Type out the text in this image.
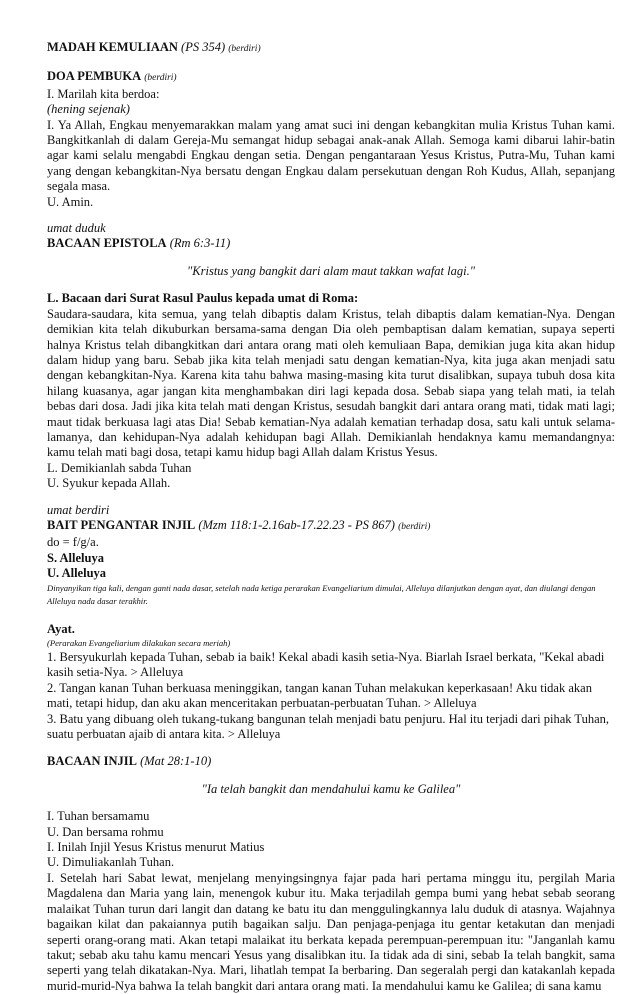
MADAH KEMULIAAN (PS 354) (berdiri)
DOA PEMBUKA (berdiri)
I. Marilah kita berdoa:
(hening sejenak)

I. Ya Allah, Engkau menyemarakkan malam yang amat suci ini dengan kebangkitan mulia Kristus Tuhan kami. Bangkitkanlah di dalam Gereja-Mu semangat hidup sebagai anak-anak Allah. Semoga kami dibarui lahir-batin agar kami selalu mengabdi Engkau dengan setia. Dengan pengantaraan Yesus Kristus, Putra-Mu, Tuhan kami yang dengan kebangkitan-Nya bersatu dengan Engkau dalam persekutuan dengan Roh Kudus, Allah, sepanjang segala masa.

U. Amin.
umat duduk
BACAAN EPISTOLA (Rm 6:3-11)
"Kristus yang bangkit dari alam maut takkan wafat lagi."
L. Bacaan dari Surat Rasul Paulus kepada umat di Roma:

Saudara-saudara, kita semua, yang telah dibaptis dalam Kristus, telah dibaptis dalam kematian-Nya. Dengan demikian kita telah dikuburkan bersama-sama dengan Dia oleh pembaptisan dalam kematian, supaya seperti halnya Kristus telah dibangkitkan dari antara orang mati oleh kemuliaan Bapa, demikian juga kita akan hidup dalam hidup yang baru. Sebab jika kita telah menjadi satu dengan kematian-Nya, kita juga akan menjadi satu dengan kebangkitan-Nya. Karena kita tahu bahwa masing-masing kita turut disalibkan, supaya tubuh dosa kita hilang kuasanya, agar jangan kita menghambakan diri lagi kepada dosa. Sebab siapa yang telah mati, ia telah bebas dari dosa. Jadi jika kita telah mati dengan Kristus, sesudah bangkit dari antara orang mati, tidak mati lagi; maut tidak berkuasa lagi atas Dia! Sebab kematian-Nya adalah kematian terhadap dosa, satu kali untuk selama-lamanya, dan kehidupan-Nya adalah kehidupan bagi Allah. Demikianlah hendaknya kamu memandangnya: kamu telah mati bagi dosa, tetapi kamu hidup bagi Allah dalam Kristus Yesus.

L. Demikianlah sabda Tuhan
U. Syukur kepada Allah.
umat berdiri
BAIT PENGANTAR INJIL (Mzm 118:1-2.16ab-17.22.23 - PS 867) (berdiri)
do = f/g/a.
S. Alleluya
U. Alleluya

Dinyanyikan tiga kali, dengan ganti nada dasar, setelah nada ketiga perarakan Evangeliarium dimulai, Alleluya dilanjutkan dengan ayat, dan diulangi dengan Alleluya nada dasar terakhir.

Ayat.
(Perarakan Evangeliarium dilakukan secara meriah)

1. Bersyukurlah kepada Tuhan, sebab ia baik! Kekal abadi kasih setia-Nya. Biarlah Israel berkata, "Kekal abadi kasih setia-Nya. > Alleluya

2. Tangan kanan Tuhan berkuasa meninggikan, tangan kanan Tuhan melakukan keperkasaan! Aku tidak akan mati, tetapi hidup, dan aku akan menceritakan perbuatan-perbuatan Tuhan. > Alleluya

3. Batu yang dibuang oleh tukang-tukang bangunan telah menjadi batu penjuru. Hal itu terjadi dari pihak Tuhan, suatu perbuatan ajaib di antara kita. > Alleluya

BACAAN INJIL (Mat 28:1-10)
"Ia telah bangkit dan mendahului kamu ke Galilea"
I. Tuhan bersamamu
U. Dan bersama rohmu
I. Inilah Injil Yesus Kristus menurut Matius
U. Dimuliakanlah Tuhan.

I. Setelah hari Sabat lewat, menjelang menyingsingnya fajar pada hari pertama minggu itu, pergilah Maria Magdalena dan Maria yang lain, menengok kubur itu. Maka terjadilah gempa bumi yang hebat sebab seorang malaikat Tuhan turun dari langit dan datang ke batu itu dan menggulingkannya lalu duduk di atasnya. Wajahnya bagaikan kilat dan pakaiannya putih bagaikan salju. Dan penjaga-penjaga itu gentar ketakutan dan menjadi seperti orang-orang mati. Akan tetapi malaikat itu berkata kepada perempuan-perempuan itu: "Janganlah kamu takut; sebab aku tahu kamu mencari Yesus yang disalibkan itu. Ia tidak ada di sini, sebab Ia telah bangkit, sama seperti yang telah dikatakan-Nya. Mari, lihatlah tempat Ia berbaring. Dan segeralah pergi dan katakanlah kepada murid-murid-Nya bahwa Ia telah bangkit dari antara orang mati. Ia mendahului kamu ke Galilea; di sana kamu
